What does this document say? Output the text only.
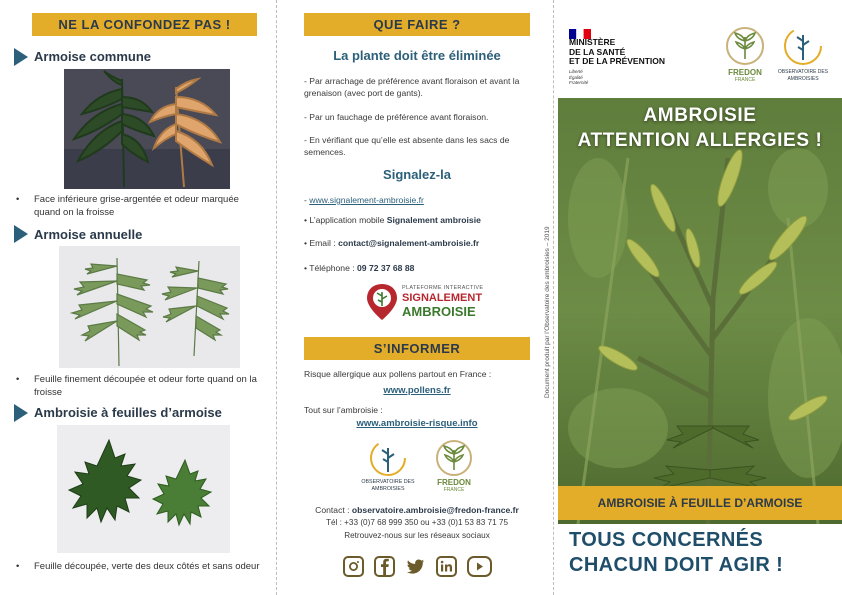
NE LA CONFONDEZ PAS !
Armoise commune
• Face inférieure grise-argentée et odeur marquée quand on la froisse
Armoise annuelle
• Feuille finement découpée et odeur forte quand on la froisse
Ambroisie à feuilles d’armoise
• Feuille découpée, verte des deux côtés et sans odeur
QUE FAIRE ?
La plante doit être éliminée
- Par arrachage de préférence avant floraison et avant la grenaison (avec port de gants).
- Par un fauchage de préférence avant floraison.
- En vérifiant que qu’elle est absente dans les sacs de semences.
Signalez-la
- www.signalement-ambroisie.fr
• L’application mobile Signalement ambroisie
• Email : contact@signalement-ambroisie.fr
• Téléphone : 09 72 37 68 88
PLATEFORME INTERACTIVE
SIGNALEMENT
AMBROISIE
S’INFORMER
Risque allergique aux pollens partout en France :
www.pollens.fr
Tout sur l’ambroisie :
www.ambroisie-risque.info
OBSERVATOIRE DES AMBROISIES
FREDON
FRANCE
Contact : observatoire.ambroisie@fredon-france.fr
Tél : +33 (0)7 68 999 350 ou +33 (0)1 53 83 71 75
Retrouvez-nous sur les réseaux sociaux
Document produit par l’Observatoire des ambroisies – 2019
MINISTÈRE
DE LA SANTÉ
ET DE LA PRÉVENTION
Liberté
Égalité
Fraternité
FREDON
FRANCE
OBSERVATOIRE DES AMBROISIES
AMBROISIE
ATTENTION ALLERGIES !
AMBROISIE À FEUILLE D’ARMOISE
TOUS CONCERNÉS
CHACUN DOIT AGIR !
